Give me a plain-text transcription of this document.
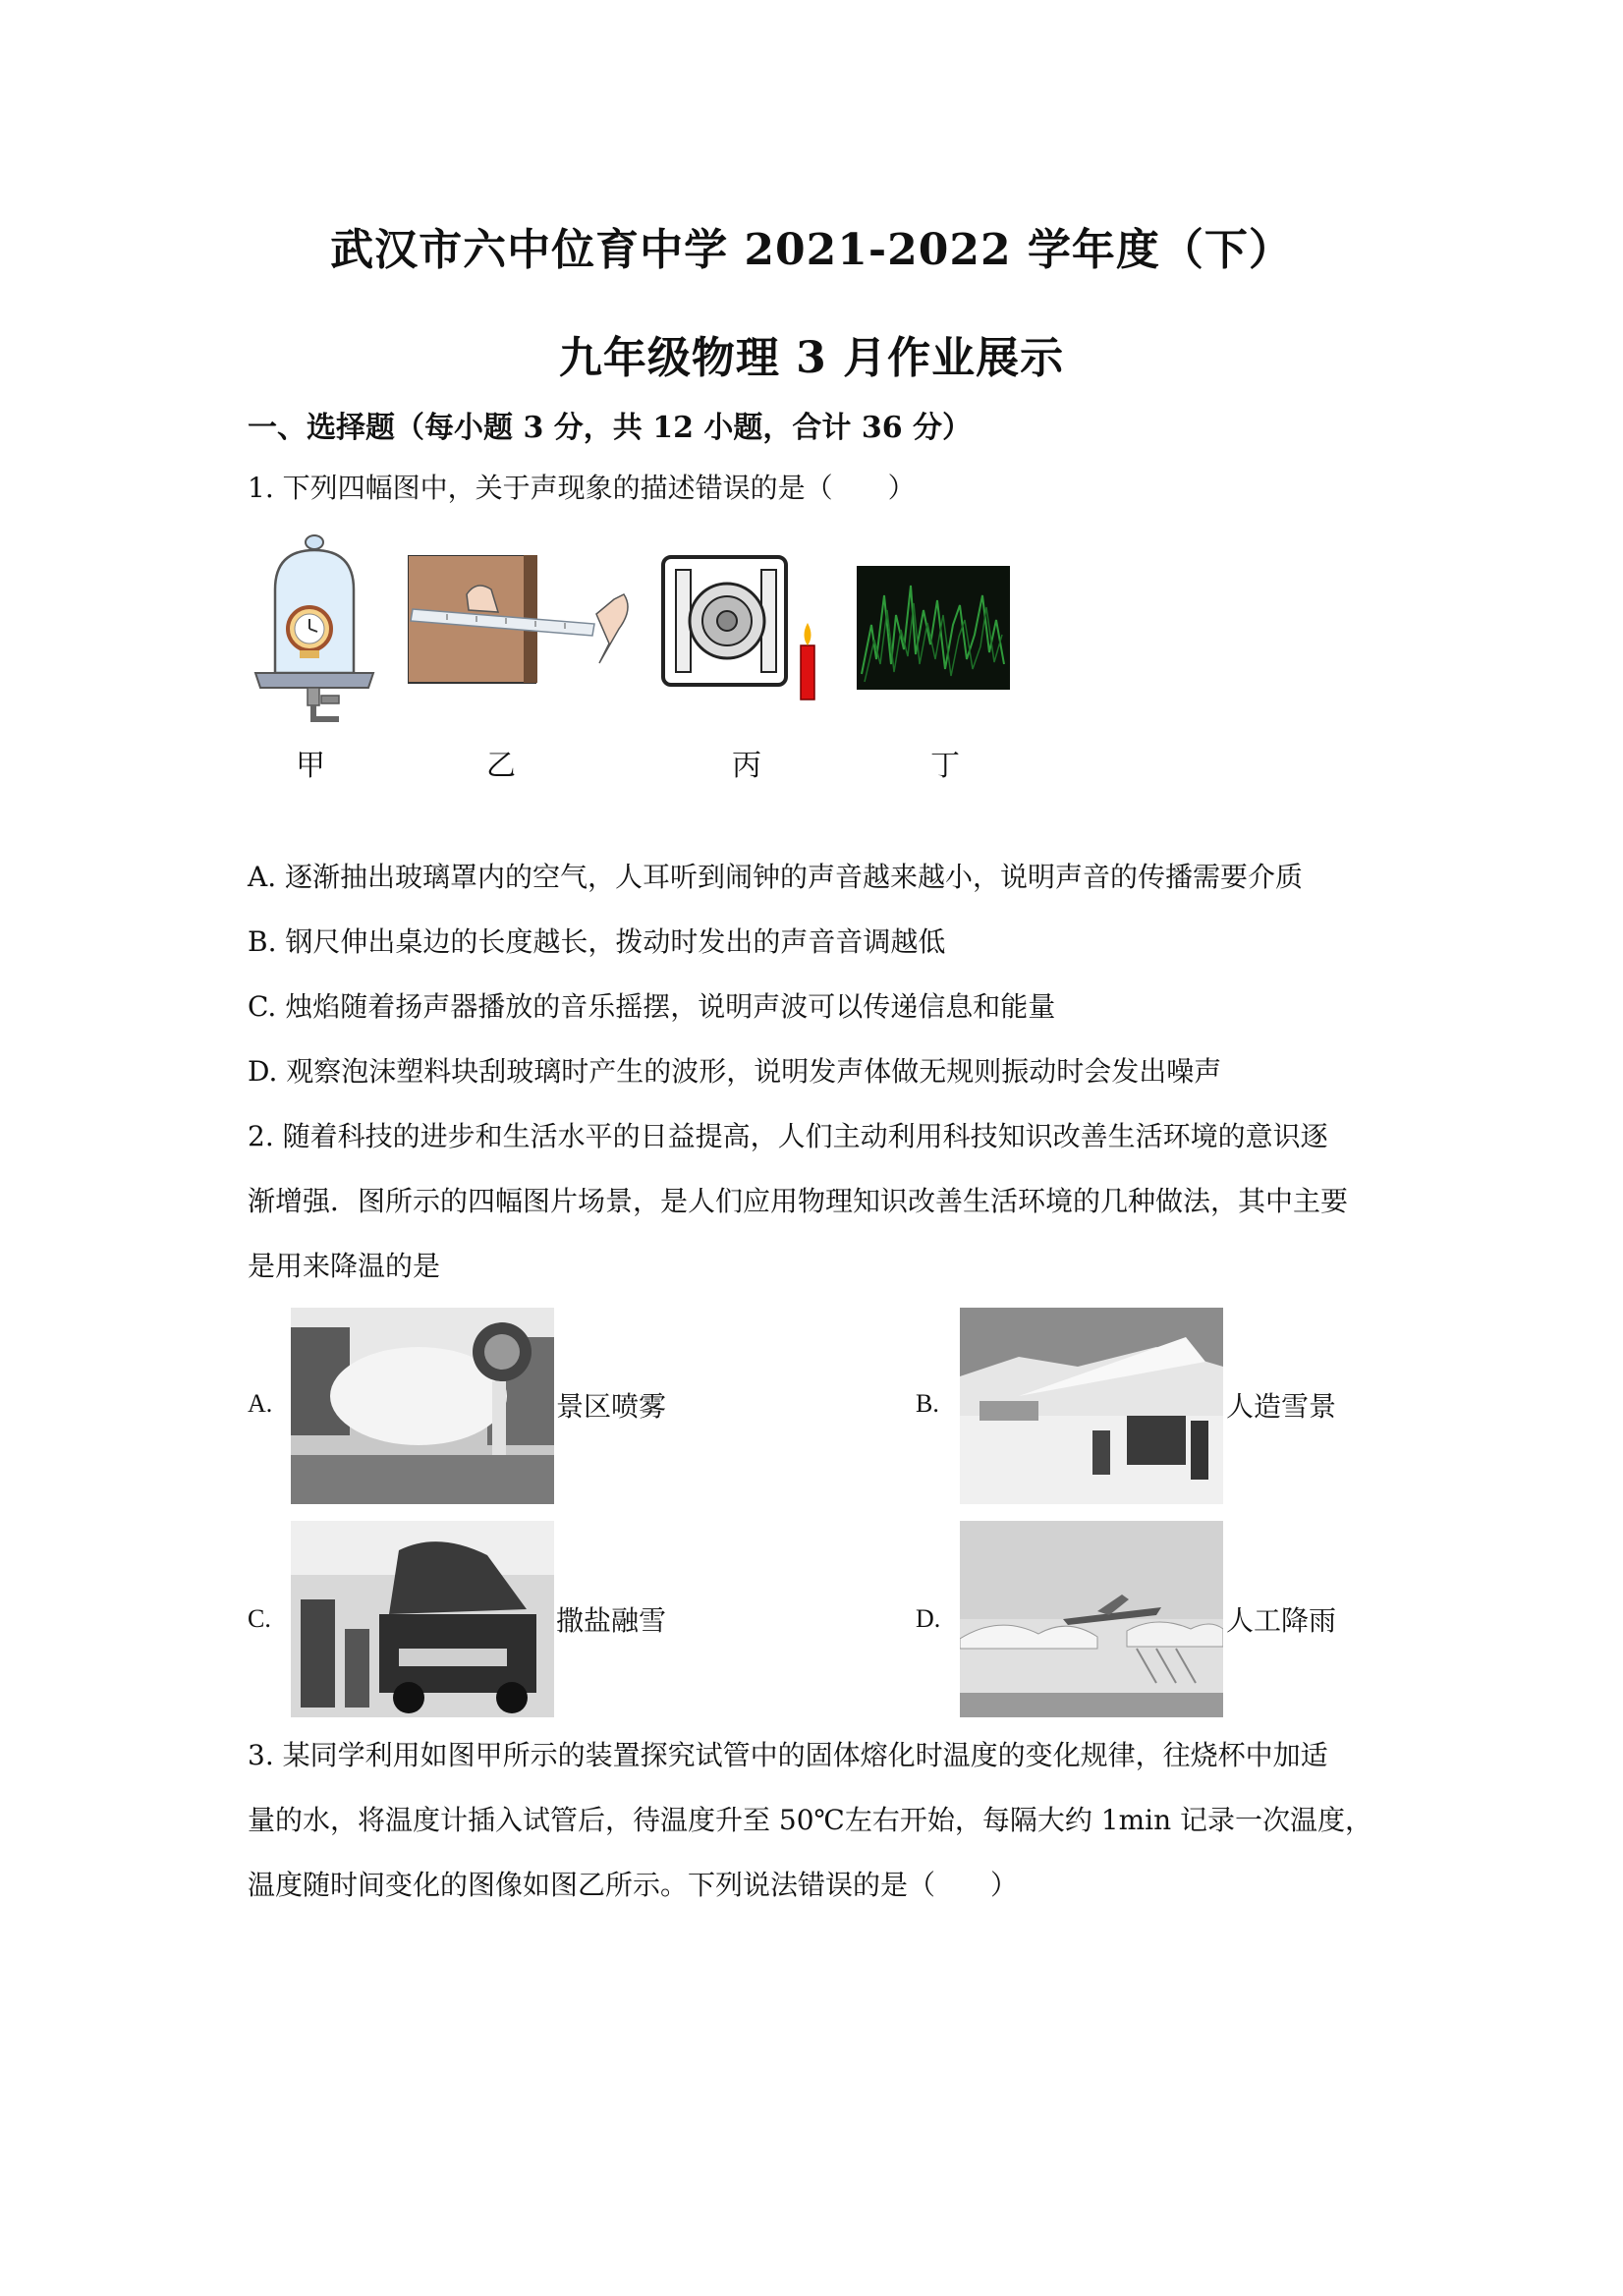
武汉市六中位育中学 2021-2022 学年度（下）
九年级物理 3 月作业展示
一、选择题（每小题 3 分，共 12 小题，合计 36 分）
1. 下列四幅图中，关于声现象的描述错误的是（　　）
甲	乙	丙	丁
A. 逐渐抽出玻璃罩内的空气，人耳听到闹钟的声音越来越小，说明声音的传播需要介质
B. 钢尺伸出桌边的长度越长，拨动时发出的声音音调越低
C. 烛焰随着扬声器播放的音乐摇摆，说明声波可以传递信息和能量
D. 观察泡沫塑料块刮玻璃时产生的波形，说明发声体做无规则振动时会发出噪声
2. 随着科技的进步和生活水平的日益提高，人们主动利用科技知识改善生活环境的意识逐
渐增强．图所示的四幅图片场景，是人们应用物理知识改善生活环境的几种做法，其中主要
是用来降温的是
A.	景区喷雾	B.	人造雪景
C.	撒盐融雪	D.	人工降雨
3. 某同学利用如图甲所示的装置探究试管中的固体熔化时温度的变化规律，往烧杯中加适
量的水，将温度计插入试管后，待温度升至 50℃左右开始，每隔大约 1min 记录一次温度，
温度随时间变化的图像如图乙所示。下列说法错误的是（　　）
